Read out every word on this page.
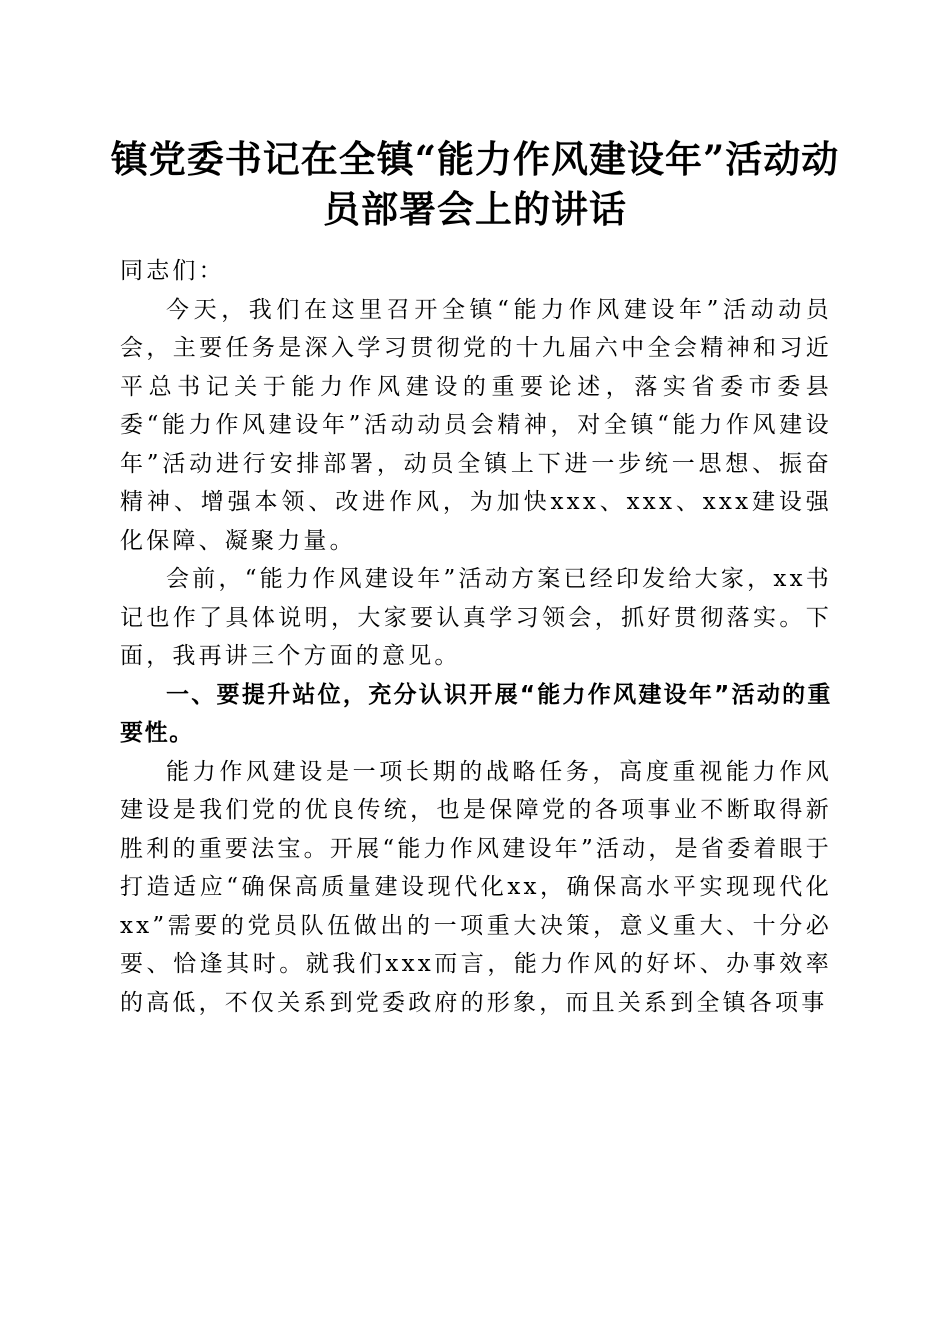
镇党委书记在全镇“能力作风建设年”活动动
员部署会上的讲话

同志们：

今天，我们在这里召开全镇“能力作风建设年”活动动员会，主要任务是深入学习贯彻党的十九届六中全会精神和习近平总书记关于能力作风建设的重要论述，落实省委市委县委“能力作风建设年”活动动员会精神，对全镇“能力作风建设年”活动进行安排部署，动员全镇上下进一步统一思想、振奋精神、增强本领、改进作风，为加快xxx、xxx、xxx建设强化保障、凝聚力量。

会前，“能力作风建设年”活动方案已经印发给大家，xx书记也作了具体说明，大家要认真学习领会，抓好贯彻落实。下面，我再讲三个方面的意见。

一、要提升站位，充分认识开展“能力作风建设年”活动的重要性。

能力作风建设是一项长期的战略任务，高度重视能力作风建设是我们党的优良传统，也是保障党的各项事业不断取得新胜利的重要法宝。开展“能力作风建设年”活动，是省委着眼于打造适应“确保高质量建设现代化xx，确保高水平实现现代化xx”需要的党员队伍做出的一项重大决策，意义重大、十分必要、恰逢其时。就我们xxx而言，能力作风的好坏、办事效率的高低，不仅关系到党委政府的形象，而且关系到全镇各项事
